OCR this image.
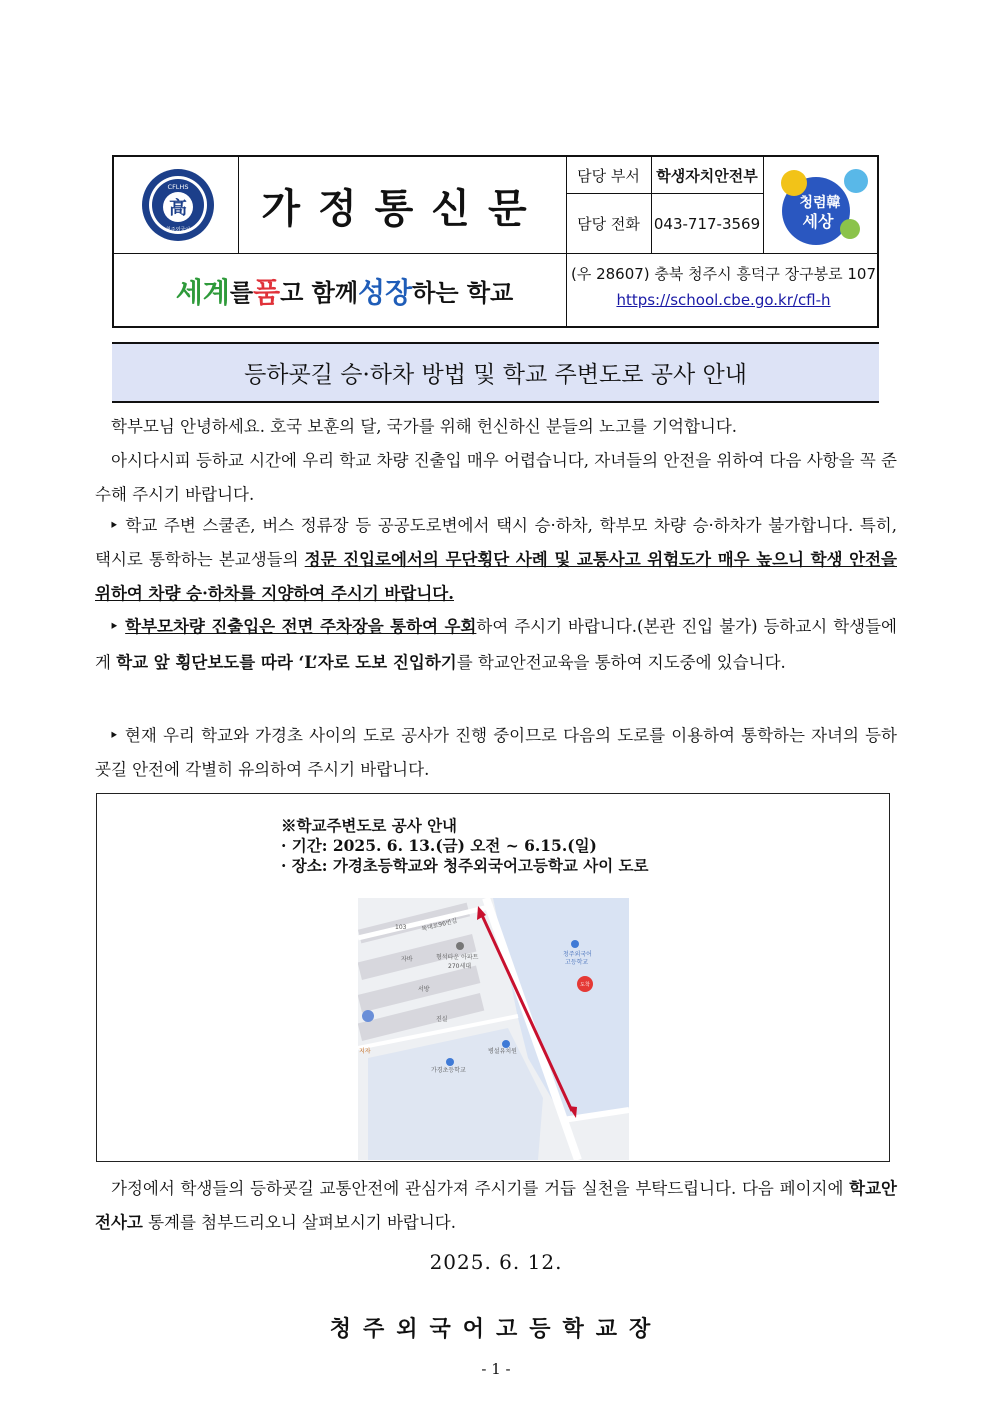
CFLHS
高
청주외국어	가정통신문
담당 부서	학생자치안전부
담당 전화 043-717-3569
청렴韓
세상
세계 를 품 고 함께 성장 하는 학교
(우 28607) 충북 청주시 흥덕구 장구봉로 107
https://school.cbe.go.kr/cfl-h
등하굣길 승·하차 방법 및 학교 주변도로 공사 안내
학부모님 안녕하세요. 호국 보훈의 달, 국가를 위해 헌신하신 분들의 노고를 기억합니다.
아시다시피 등하교 시간에 우리 학교 차량 진출입 매우 어렵습니다, 자녀들의 안전을 위하여 다음 사항을 꼭 준수해 주시기 바랍니다.
‣ 학교 주변 스쿨존, 버스 정류장 등 공공도로변에서 택시 승·하차, 학부모 차량 승·하차가 불가합니다. 특히, 택시로 통학하는 본교생들의 정문 진입로에서의 무단횡단 사례 및 교통사고 위험도가 매우 높으니 학생 안전을 위하여 차량 승·하차를 지양하여 주시기 바랍니다.
‣ 학부모차량 진출입은 전면 주차장을 통하여 우회하여 주시기 바랍니다.(본관 진입 불가) 등하교시 학생들에게 학교 앞 횡단보도를 따라 ‘L’자로 도보 진입하기를 학교안전교육을 통하여 지도중에 있습니다.
‣ 현재 우리 학교와 가경초 사이의 도로 공사가 진행 중이므로 다음의 도로를 이용하여 통학하는 자녀의 등하굣길 안전에 각별히 유의하여 주시기 바랍니다.
※학교주변도로 공사 안내
· 기간: 2025. 6. 13.(금) 오전 ~ 6.15.(일)
· 장소: 가경초등학교와 청주외국어고등학교 사이 도로
103 복대로96번길
자바	형석타운 아파트
270세대
서방
진실
지자	병설유치원
가경초등학교
청주외국어
고등학교
도착
가정에서 학생들의 등하굣길 교통안전에 관심가져 주시기를 거듭 실천을 부탁드립니다. 다음 페이지에 학교안전사고 통계를 첨부드리오니 살펴보시기 바랍니다.
2025. 6. 12.
청주외국어고등학교장
- 1 -
